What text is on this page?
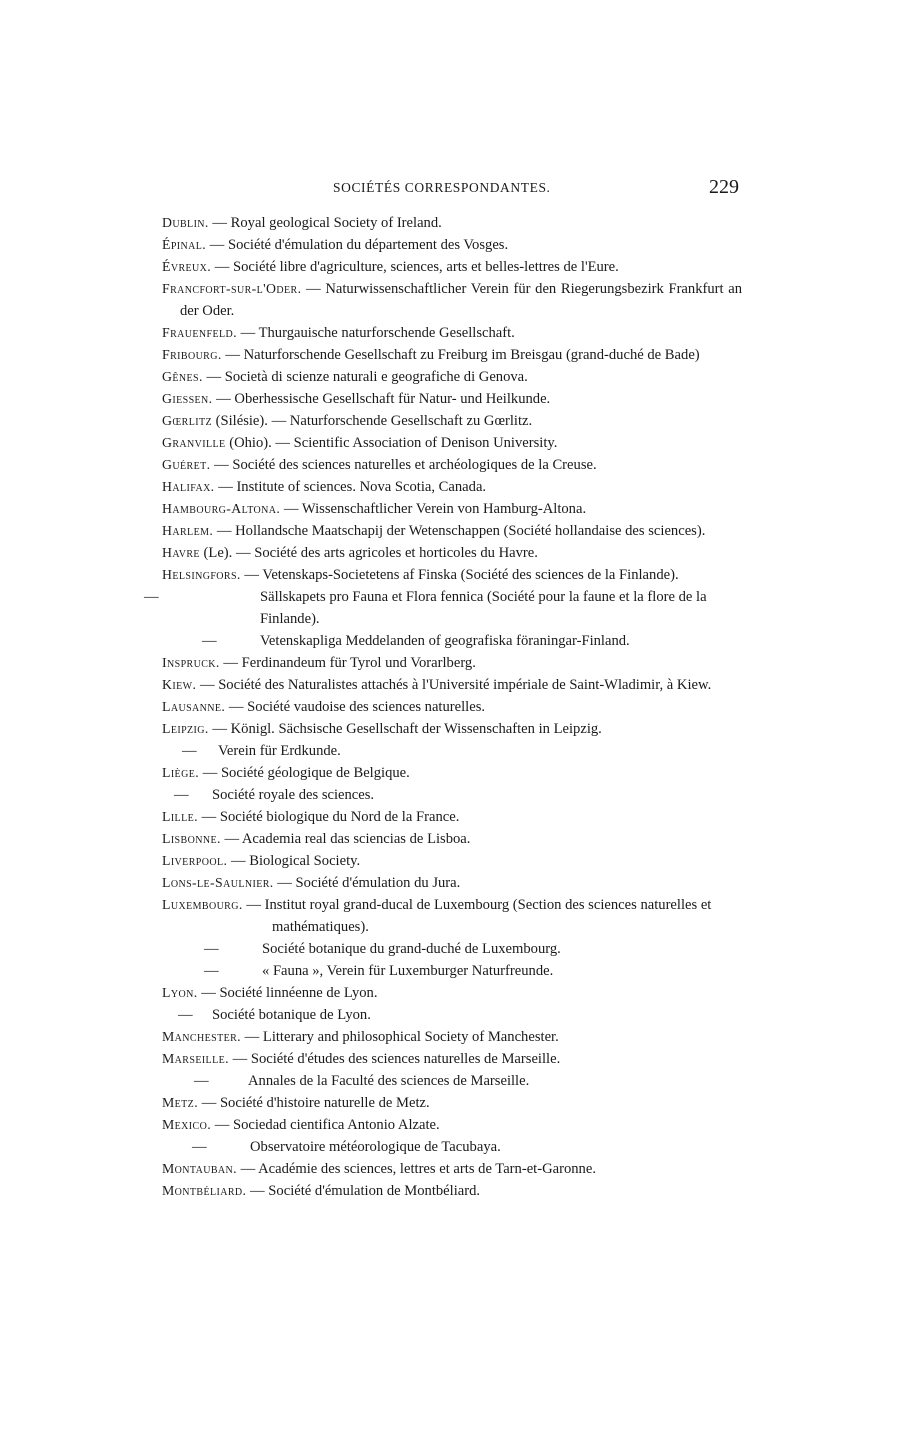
SOCIÉTÉS CORRESPONDANTES.	229
Dublin. — Royal geological Society of Ireland.
Épinal. — Société d'émulation du département des Vosges.
Évreux. — Société libre d'agriculture, sciences, arts et belles-lettres de l'Eure.
Francfort-sur-l'Oder. — Naturwissenschaftlicher Verein für den Riegerungsbezirk Frankfurt an der Oder.
Frauenfeld. — Thurgauische naturforschende Gesellschaft.
Fribourg. — Naturforschende Gesellschaft zu Freiburg im Breisgau (grand-duché de Bade)
Gênes. — Società di scienze naturali e geografiche di Genova.
Giessen. — Oberhessische Gesellschaft für Natur- und Heilkunde.
Gœrlitz (Silésie). — Naturforschende Gesellschaft zu Gœrlitz.
Granville (Ohio). — Scientific Association of Denison University.
Guéret. — Société des sciences naturelles et archéologiques de la Creuse.
Halifax. — Institute of sciences. Nova Scotia, Canada.
Hambourg-Altona. — Wissenschaftlicher Verein von Hamburg-Altona.
Harlem. — Hollandsche Maatschapij der Wetenschappen (Société hollandaise des sciences).
Havre (Le). — Société des arts agricoles et horticoles du Havre.
Helsingfors. — Vetenskaps-Societetens af Finska (Société des sciences de la Finlande).
—	Sällskapets pro Fauna et Flora fennica (Société pour la faune et la flore de la Finlande).
—	Vetenskapliga Meddelanden of geografiska föraningar-Finland.
Inspruck. — Ferdinandeum für Tyrol und Vorarlberg.
Kiew. — Société des Naturalistes attachés à l'Université impériale de Saint-Wladimir, à Kiew.
Lausanne. — Société vaudoise des sciences naturelles.
Leipzig. — Königl. Sächsische Gesellschaft der Wissenschaften in Leipzig.
— Verein für Erdkunde.
Liège. — Société géologique de Belgique.
— Société royale des sciences.
Lille. — Société biologique du Nord de la France.
Lisbonne. — Academia real das sciencias de Lisboa.
Liverpool. — Biological Society.
Lons-le-Saulnier. — Société d'émulation du Jura.
Luxembourg. — Institut royal grand-ducal de Luxembourg (Section des sciences naturelles et mathématiques).
—	Société botanique du grand-duché de Luxembourg.
—	« Fauna », Verein für Luxemburger Naturfreunde.
Lyon. — Société linnéenne de Lyon.
— Société botanique de Lyon.
Manchester. — Litterary and philosophical Society of Manchester.
Marseille. — Société d'études des sciences naturelles de Marseille.
—	Annales de la Faculté des sciences de Marseille.
Metz. — Société d'histoire naturelle de Metz.
Mexico. — Sociedad cientifica Antonio Alzate.
—	Observatoire météorologique de Tacubaya.
Montauban. — Académie des sciences, lettres et arts de Tarn-et-Garonne.
Montbéliard. — Société d'émulation de Montbéliard.
